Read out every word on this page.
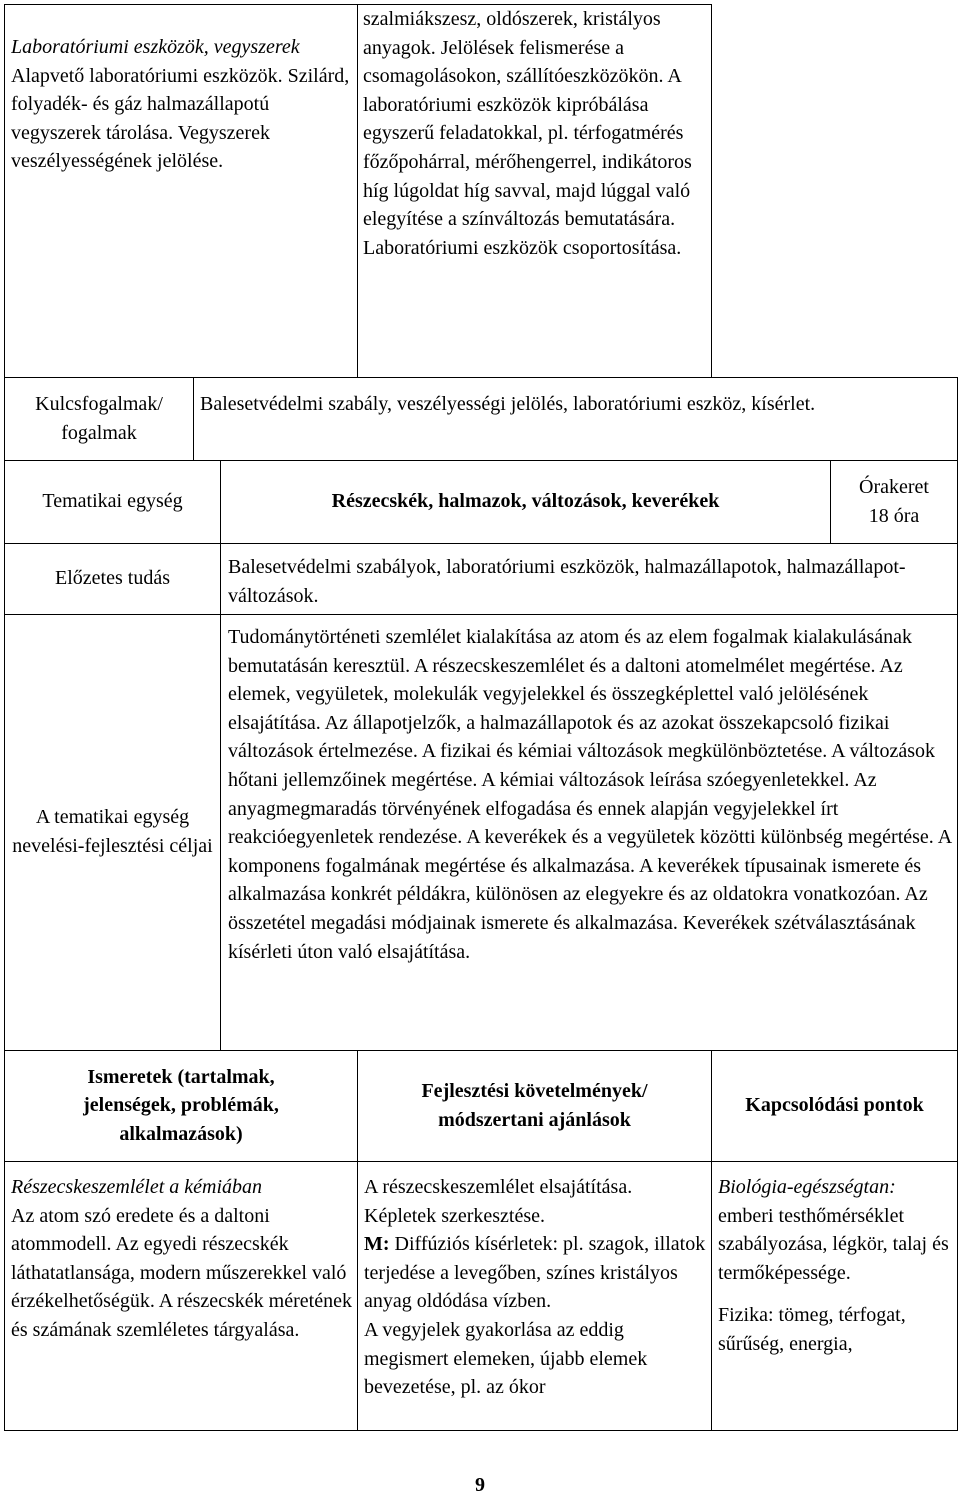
Laboratóriumi eszközök, vegyszerek
Alapvető laboratóriumi eszközök. Szilárd, folyadék- és gáz halmazállapotú vegyszerek tárolása. Vegyszerek veszélyességének jelölése.
szalmiákszesz, oldószerek, kristályos anyagok. Jelölések felismerése a csomagolásokon, szállítóeszközökön. A laboratóriumi eszközök kipróbálása egyszerű feladatokkal, pl. térfogatmérés főzőpohárral, mérőhengerrel, indikátoros híg lúgoldat híg savval, majd lúggal való elegyítése a színváltozás bemutatására. Laboratóriumi eszközök csoportosítása.
Kulcsfogalmak/ fogalmak
Balesetvédelmi szabály, veszélyességi jelölés, laboratóriumi eszköz, kísérlet.
Tematikai egység	Részecskék, halmazok, változások, keverékek
Órakeret
18 óra
Előzetes tudás
Balesetvédelmi szabályok, laboratóriumi eszközök, halmazállapotok, halmazállapot-változások.
A tematikai egység nevelési-fejlesztési céljai
Tudománytörténeti szemlélet kialakítása az atom és az elem fogalmak kialakulásának bemutatásán keresztül. A részecskeszemlélet és a daltoni atomelmélet megértése. Az elemek, vegyületek, molekulák vegyjelekkel és összegképlettel való jelölésének elsajátítása. Az állapotjelzők, a halmazállapotok és az azokat összekapcsoló fizikai változások értelmezése. A fizikai és kémiai változások megkülönböztetése. A változások hőtani jellemzőinek megértése. A kémiai változások leírása szóegyenletekkel. Az anyagmegmaradás törvényének elfogadása és ennek alapján vegyjelekkel írt reakcióegyenletek rendezése. A keverékek és a vegyületek közötti különbség megértése. A komponens fogalmának megértése és alkalmazása. A keverékek típusainak ismerete és alkalmazása konkrét példákra, különösen az elegyekre és az oldatokra vonatkozóan. Az összetétel megadási módjainak ismerete és alkalmazása. Keverékek szétválasztásának kísérleti úton való elsajátítása.
Ismeretek (tartalmak, jelenségek, problémák, alkalmazások)
Fejlesztési követelmények/ módszertani ajánlások
Kapcsolódási pontok
Részecskeszemlélet a kémiában
Az atom szó eredete és a daltoni atommodell. Az egyedi részecskék láthatatlansága, modern műszerekkel való érzékelhetőségük. A részecskék méretének és számának szemléletes tárgyalása.
A részecskeszemlélet elsajátítása. Képletek szerkesztése.
M: Diffúziós kísérletek: pl. szagok, illatok terjedése a levegőben, színes kristályos anyag oldódása vízben.
A vegyjelek gyakorlása az eddig megismert elemeken, újabb elemek bevezetése, pl. az ókor
Biológia-egészségtan:
emberi testhőmérséklet szabályozása, légkör, talaj és termőképessége.
Fizika: tömeg, térfogat, sűrűség, energia,
9
